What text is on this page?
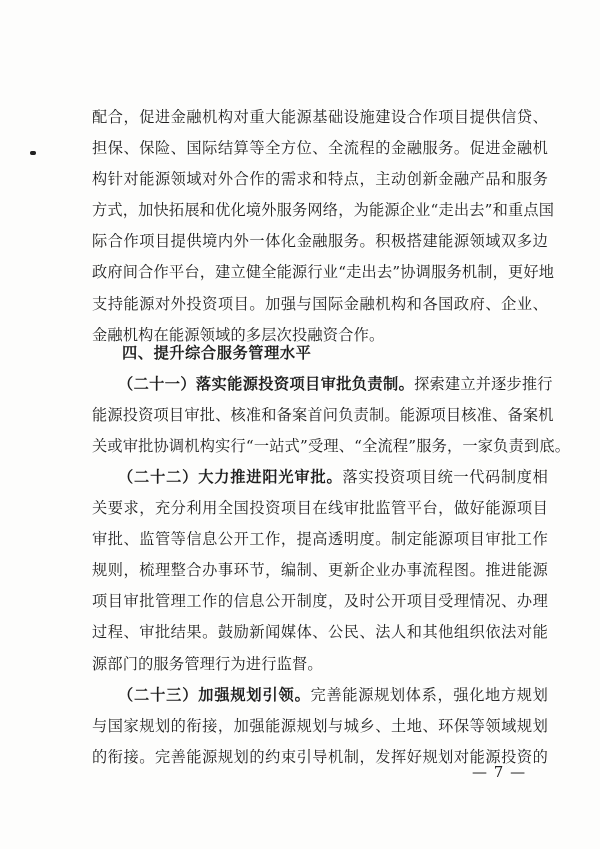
配合，促进金融机构对重大能源基础设施建设合作项目提供信贷、
担保、保险、国际结算等全方位、全流程的金融服务。促进金融机
构针对能源领域对外合作的需求和特点，主动创新金融产品和服务
方式，加快拓展和优化境外服务网络，为能源企业“走出去”和重点国
际合作项目提供境内外一体化金融服务。积极搭建能源领域双多边
政府间合作平台，建立健全能源行业“走出去”协调服务机制，更好地
支持能源对外投资项目。加强与国际金融机构和各国政府、企业、
金融机构在能源领域的多层次投融资合作。
四、提升综合服务管理水平
（二十一）落实能源投资项目审批负责制。探索建立并逐步推行
能源投资项目审批、核准和备案首问负责制。能源项目核准、备案机
关或审批协调机构实行“一站式”受理、“全流程”服务，一家负责到底。
（二十二）大力推进阳光审批。落实投资项目统一代码制度相
关要求，充分利用全国投资项目在线审批监管平台，做好能源项目
审批、监管等信息公开工作，提高透明度。制定能源项目审批工作
规则，梳理整合办事环节，编制、更新企业办事流程图。推进能源
项目审批管理工作的信息公开制度，及时公开项目受理情况、办理
过程、审批结果。鼓励新闻媒体、公民、法人和其他组织依法对能
源部门的服务管理行为进行监督。
（二十三）加强规划引领。完善能源规划体系，强化地方规划
与国家规划的衔接，加强能源规划与城乡、土地、环保等领域规划
的衔接。完善能源规划的约束引导机制，发挥好规划对能源投资的
— 7 —
